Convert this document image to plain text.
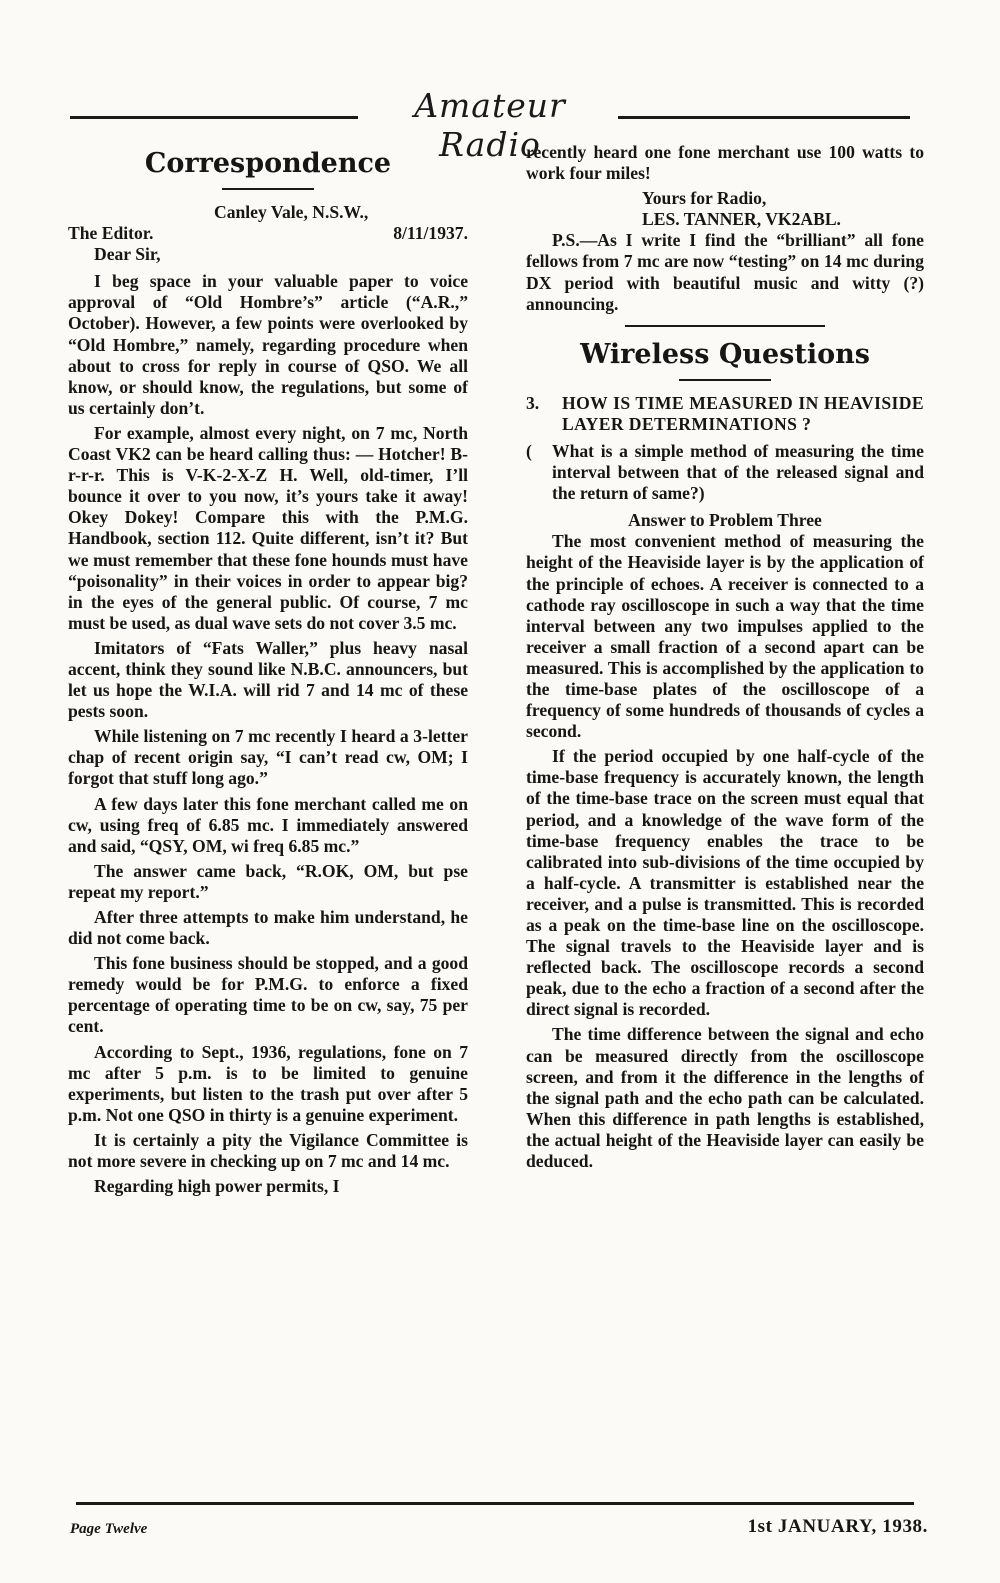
Amateur Radio
Correspondence

Canley Vale, N.S.W.,

The Editor.	8/11/1937.

Dear Sir,

I beg space in your valuable paper to voice approval of “Old Hombre’s” article (“A.R.,” October). However, a few points were overlooked by “Old Hombre,” namely, regarding procedure when about to cross for reply in course of QSO. We all know, or should know, the regulations, but some of us certainly don’t.

For example, almost every night, on 7 mc, North Coast VK2 can be heard calling thus: — Hotcher! B-r-r-r. This is V-K-2-X-Z H. Well, old-timer, I’ll bounce it over to you now, it’s yours take it away! Okey Dokey! Compare this with the P.M.G. Handbook, section 112. Quite different, isn’t it? But we must remember that these fone hounds must have “poisonality” in their voices in order to appear big? in the eyes of the general public. Of course, 7 mc must be used, as dual wave sets do not cover 3.5 mc.

Imitators of “Fats Waller,” plus heavy nasal accent, think they sound like N.B.C. announcers, but let us hope the W.I.A. will rid 7 and 14 mc of these pests soon.

While listening on 7 mc recently I heard a 3-letter chap of recent origin say, “I can’t read cw, OM; I forgot that stuff long ago.”

A few days later this fone merchant called me on cw, using freq of 6.85 mc. I immediately answered and said, “QSY, OM, wi freq 6.85 mc.”

The answer came back, “R.OK, OM, but pse repeat my report.”

After three attempts to make him understand, he did not come back.

This fone business should be stopped, and a good remedy would be for P.M.G. to enforce a fixed percentage of operating time to be on cw, say, 75 per cent.

According to Sept., 1936, regulations, fone on 7 mc after 5 p.m. is to be limited to genuine experiments, but listen to the trash put over after 5 p.m. Not one QSO in thirty is a genuine experiment.

It is certainly a pity the Vigilance Committee is not more severe in checking up on 7 mc and 14 mc.

Regarding high power permits, I

recently heard one fone merchant use 100 watts to work four miles!

Yours for Radio,

LES. TANNER, VK2ABL.

P.S.—As I write I find the “brilliant” all fone fellows from 7 mc are now “testing” on 14 mc during DX period with beautiful music and witty (?) announcing.

Wireless Questions
3.	HOW IS TIME MEASURED IN HEAVISIDE LAYER DETERMINATIONS ?

( What is a simple method of measuring the time interval between that of the released signal and the return of same?)

Answer to Problem Three

The most convenient method of measuring the height of the Heaviside layer is by the application of the principle of echoes. A receiver is connected to a cathode ray oscilloscope in such a way that the time interval between any two impulses applied to the receiver a small fraction of a second apart can be measured. This is accomplished by the application to the time-base plates of the oscilloscope of a frequency of some hundreds of thousands of cycles a second.

If the period occupied by one half-cycle of the time-base frequency is accurately known, the length of the time-base trace on the screen must equal that period, and a knowledge of the wave form of the time-base frequency enables the trace to be calibrated into sub-divisions of the time occupied by a half-cycle. A transmitter is established near the receiver, and a pulse is transmitted. This is recorded as a peak on the time-base line on the oscilloscope. The signal travels to the Heaviside layer and is reflected back. The oscilloscope records a second peak, due to the echo a fraction of a second after the direct signal is recorded.

The time difference between the signal and echo can be measured directly from the oscilloscope screen, and from it the difference in the lengths of the signal path and the echo path can be calculated. When this difference in path lengths is established, the actual height of the Heaviside layer can easily be deduced.

Page Twelve	1st JANUARY, 1938.
